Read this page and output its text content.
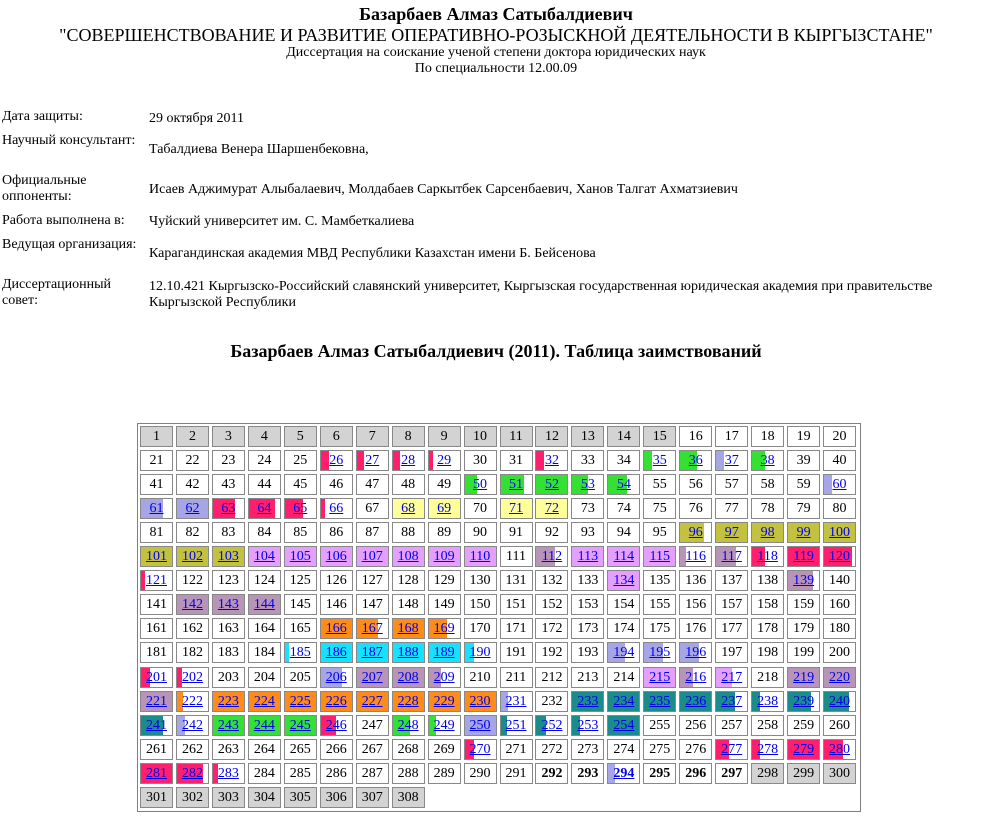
Базарбаев Алмаз Сатыбалдиевич
"СОВЕРШЕНСТВОВАНИЕ И РАЗВИТИЕ ОПЕРАТИВНО-РОЗЫСКНОЙ ДЕЯТЕЛЬНОСТИ В КЫРГЫЗСТАНЕ"
Диссертация на соискание ученой степени доктора юридических наук
По специальности 12.00.09
Дата защиты:	29 октября 2011
Научный консультант:	Табалдиева Венера Шаршенбековна,
Официальные оппоненты:	Исаев Аджимурат Алыбалаевич, Молдабаев Саркытбек Сарсенбаевич, Ханов Талгат Ахматзиевич
Работа выполнена в:	Чуйский университет им. С. Мамбеткалиева
Ведущая организация:	Карагандинская академия МВД Республики Казахстан имени Б. Бейсенова
Диссертационный совет:	12.10.421 Кыргызско-Российский славянский университет, Кыргызская государственная юридическая академия при правительстве Кыргызской Республики
Базарбаев Алмаз Сатыбалдиевич (2011). Таблица заимствований
1	2	3	4	5	6	7	8	9	10	11	12	13	14	15	16	17	18	19	20
21	22	23	24	25	26	27	28	29	30	31	32	33	34	35	36	37	38	39	40
41	42	43	44	45	46	47	48	49	50	51	52	53	54	55	56	57	58	59	60
61	62	63	64	65	66	67	68	69	70	71	72	73	74	75	76	77	78	79	80
81	82	83	84	85	86	87	88	89	90	91	92	93	94	95	96	97	98	99	100
101	102	103	104	105	106	107	108	109	110	111	112	113	114	115	116	117	118	119	120
121	122	123	124	125	126	127	128	129	130	131	132	133	134	135	136	137	138	139	140
141	142	143	144	145	146	147	148	149	150	151	152	153	154	155	156	157	158	159	160
161	162	163	164	165	166	167	168	169	170	171	172	173	174	175	176	177	178	179	180
181	182	183	184	185	186	187	188	189	190	191	192	193	194	195	196	197	198	199	200
201	202	203	204	205	206	207	208	209	210	211	212	213	214	215	216	217	218	219	220
221	222	223	224	225	226	227	228	229	230	231	232	233	234	235	236	237	238	239	240
241	242	243	244	245	246	247	248	249	250	251	252	253	254	255	256	257	258	259	260
261	262	263	264	265	266	267	268	269	270	271	272	273	274	275	276	277	278	279	280
281	282	283	284	285	286	287	288	289	290	291	292	293	294	295	296	297	298	299	300
301	302	303	304	305	306	307	308
